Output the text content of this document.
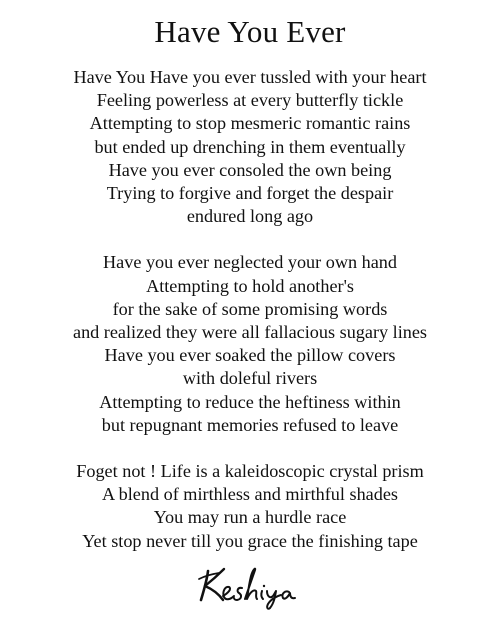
Have You Ever
Have You Have you ever tussled with your heart
Feeling powerless at every butterfly tickle
Attempting to stop mesmeric romantic rains
but ended up drenching in them eventually
Have you ever consoled the own being
Trying to forgive and forget the despair
endured long ago
Have you ever neglected your own hand
Attempting to hold another's
for the sake of some promising words
and realized they were all fallacious sugary lines
Have you ever soaked the pillow covers
with doleful rivers
Attempting to reduce the heftiness within
but repugnant memories refused to leave
Foget not ! Life is a kaleidoscopic crystal prism
A blend of mirthless and mirthful shades
You may run a hurdle race
Yet stop never till you grace the finishing tape
